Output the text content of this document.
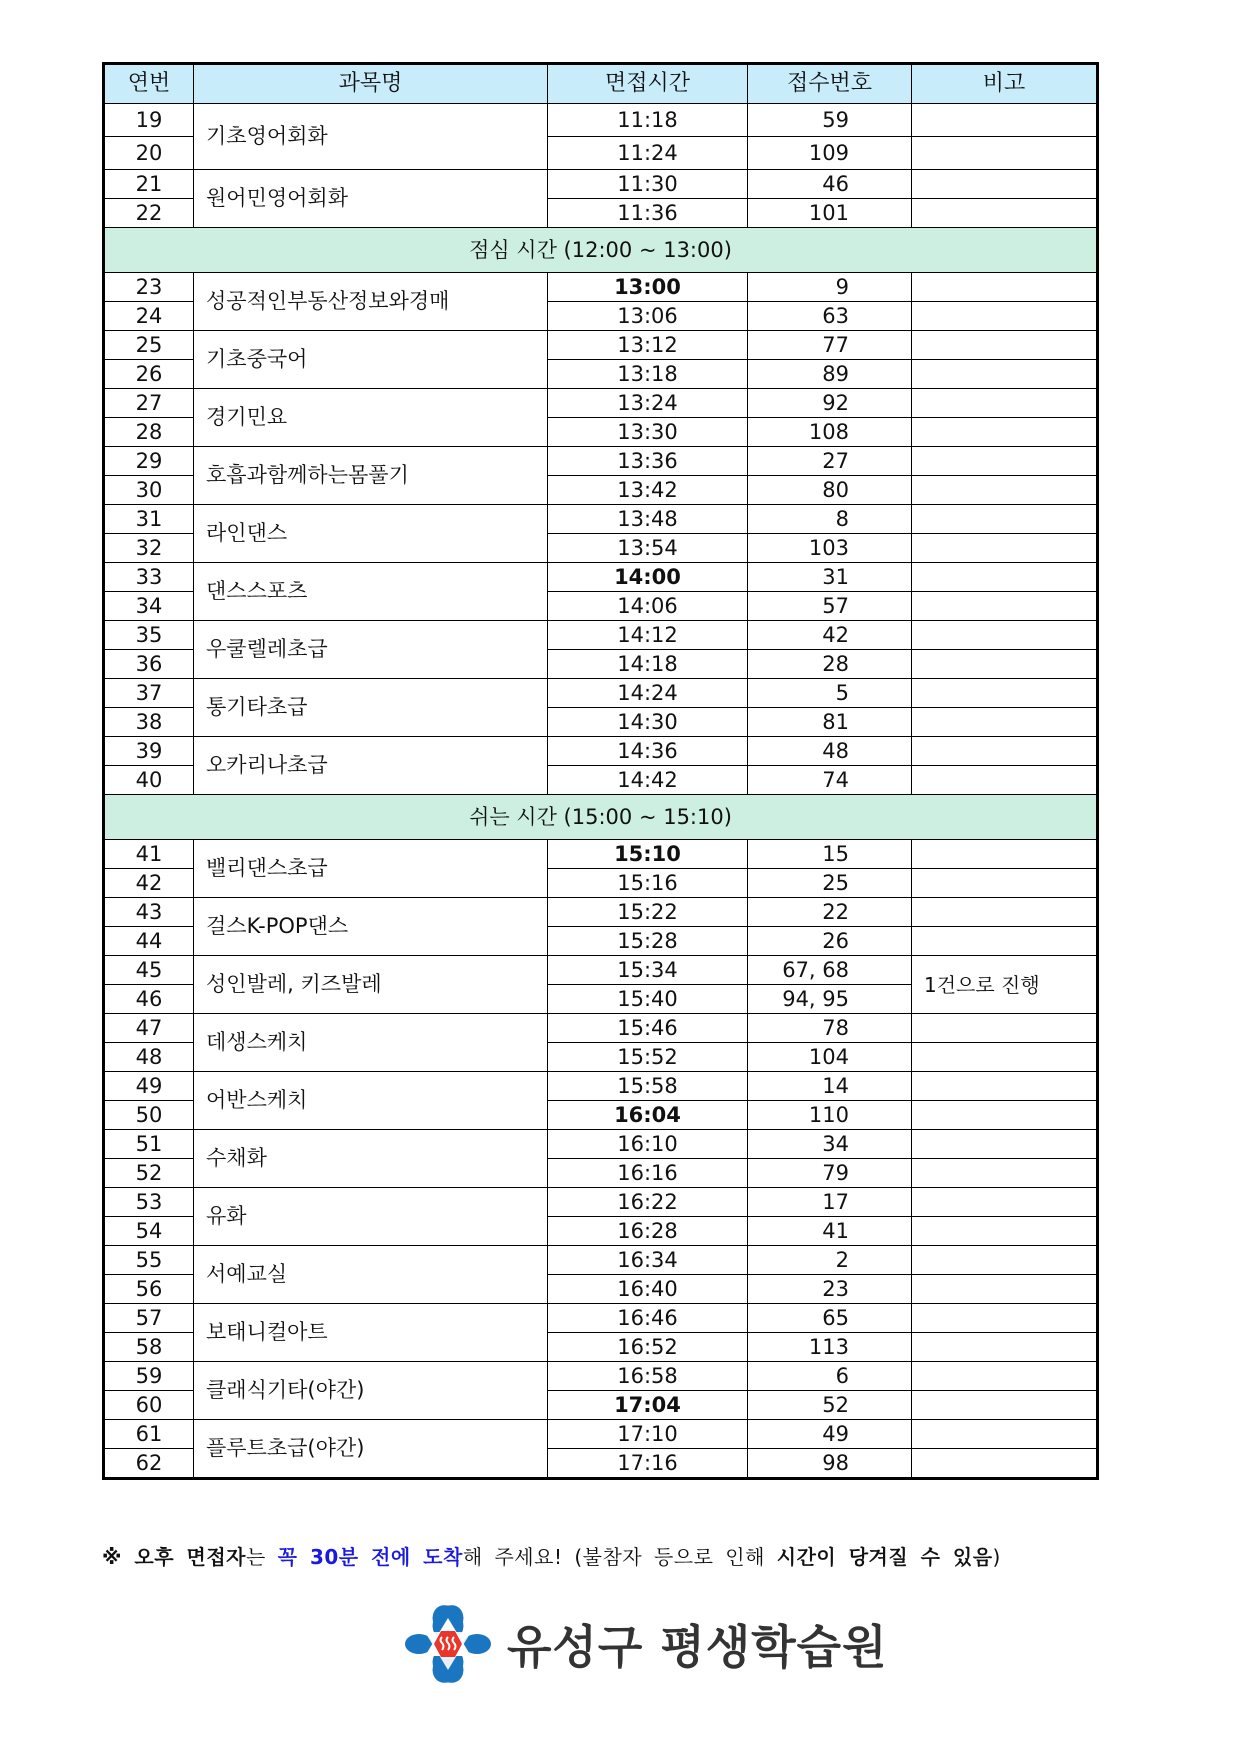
연번	과목명	면접시간	접수번호	비고
19	기초영어회화	11:18	59	
20		11:24	109	
21	원어민영어회화	11:30	46	
22		11:36	101	
점심 시간 (12:00 ~ 13:00)				
23	성공적인부동산정보와경매	13:00	9	
24		13:06	63	
25	기초중국어	13:12	77	
26		13:18	89	
27	경기민요	13:24	92	
28		13:30	108	
29	호흡과함께하는몸풀기	13:36	27	
30		13:42	80	
31	라인댄스	13:48	8	
32		13:54	103	
33	댄스스포츠	14:00	31	
34		14:06	57	
35	우쿨렐레초급	14:12	42	
36		14:18	28	
37	통기타초급	14:24	5	
38		14:30	81	
39	오카리나초급	14:36	48	
40		14:42	74	
쉬는 시간 (15:00 ~ 15:10)				
41	밸리댄스초급	15:10	15	
42		15:16	25	
43	걸스K-POP댄스	15:22	22	
44		15:28	26	
45	성인발레, 키즈발레	15:34	67, 68	1건으로 진행
46		15:40	94, 95	
47	데생스케치	15:46	78	
48		15:52	104	
49	어반스케치	15:58	14	
50		16:04	110	
51	수채화	16:10	34	
52		16:16	79	
53	유화	16:22	17	
54		16:28	41	
55	서예교실	16:34	2	
56		16:40	23	
57	보태니컬아트	16:46	65	
58		16:52	113	
59	클래식기타(야간)	16:58	6	
60		17:04	52	
61	플루트초급(야간)	17:10	49	
62		17:16	98	
※ 오후 면접자는 꼭 30분 전에 도착해 주세요! (불참자 등으로 인해 시간이 당겨질 수 있음)
유성구 평생학습원
